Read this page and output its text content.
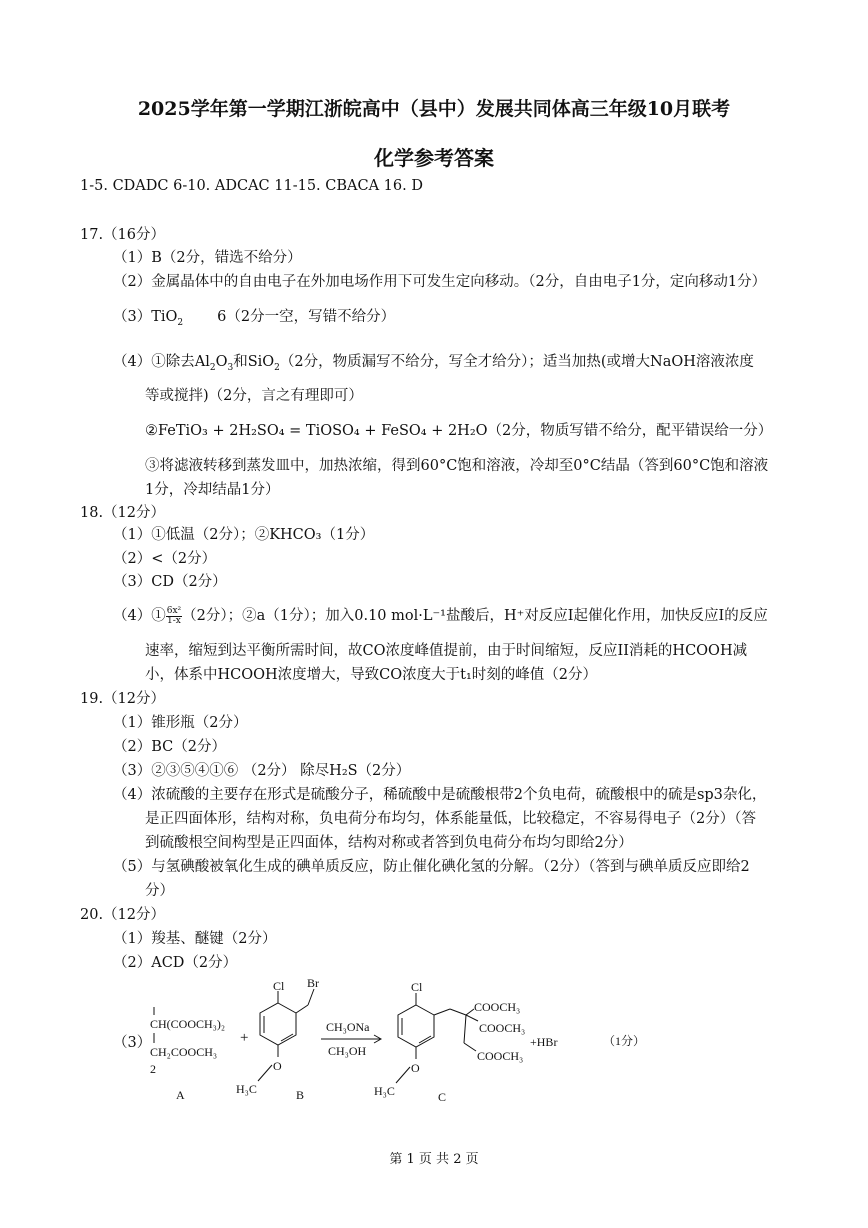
2025学年第一学期江浙皖高中（县中）发展共同体高三年级10月联考
化学参考答案
1-5. CDADC 6-10. ADCAC 11-15. CBACA 16. D
17.（16分）
（1）B（2分，错选不给分）
（2）金属晶体中的自由电子在外加电场作用下可发生定向移动。（2分，自由电子1分，定向移动1分）
（3）TiO$_2$ 6（2分一空，写错不给分）
（4）①除去$Al_2O_3$和SiO$_2$（2分，物质漏写不给分，写全才给分）；适当加热(或增大NaOH溶液浓度
等或搅拌)（2分，言之有理即可）
②FeTiO₃ + 2H₂SO₄ = TiOSO₄ + FeSO₄ + 2H₂O（2分，物质写错不给分，配平错误给一分）
③将滤液转移到蒸发皿中，加热浓缩，得到60°C饱和溶液，冷却至0°C结晶（答到60°C饱和溶液
1分，冷却结晶1分）
18.（12分）
（1）①低温（2分）；②KHCO₃（1分）
（2）<（2分）
（3）CD（2分）
（4）① $\frac{\text{6x²}}{1-x} (2$分）；②a（1分）；加入0.10 mol·L⁻¹盐酸后，H⁺对反应I起催化作用，加快反应I的反应
速率，缩短到达平衡所需时间，故CO浓度峰值提前，由于时间缩短，反应II消耗的HCOOH减
小，体系中HCOOH浓度增大，导致CO浓度大于t₁时刻的峰值（2分）
19.（12分）
（1）锥形瓶（2分）
（2）BC（2分）
（3）②③⑤④①⑥ （2分） 除尽H₂S（2分）
（4）浓硫酸的主要存在形式是硫酸分子，稀硫酸中是硫酸根带2个负电荷，硫酸根中的硫是sp3杂化，
是正四面体形，结构对称，负电荷分布均匀，体系能量低，比较稳定，不容易得电子（2分）（答
到硫酸根空间构型是正四面体，结构对称或者答到负电荷分布均匀即给2分）
（5）与氢碘酸被氧化生成的碘单质反应，防止催化碘化氢的分解。（2分）（答到与碘单质反应即给2
分）
20.（12分）
（1）羧基、醚键（2分）
（2）ACD（2分）
（3）
CH(COOCH₃)₂
CH₂COOCH₃
2
A
+
Cl Br
O
H₃C	B
CH₃ONa
CH₃OH
Cl
COOCH₃
COOCH₃
COOCH₃
+HBr
O
H₃C	C
（1分）
第 1 页 共 2 页
